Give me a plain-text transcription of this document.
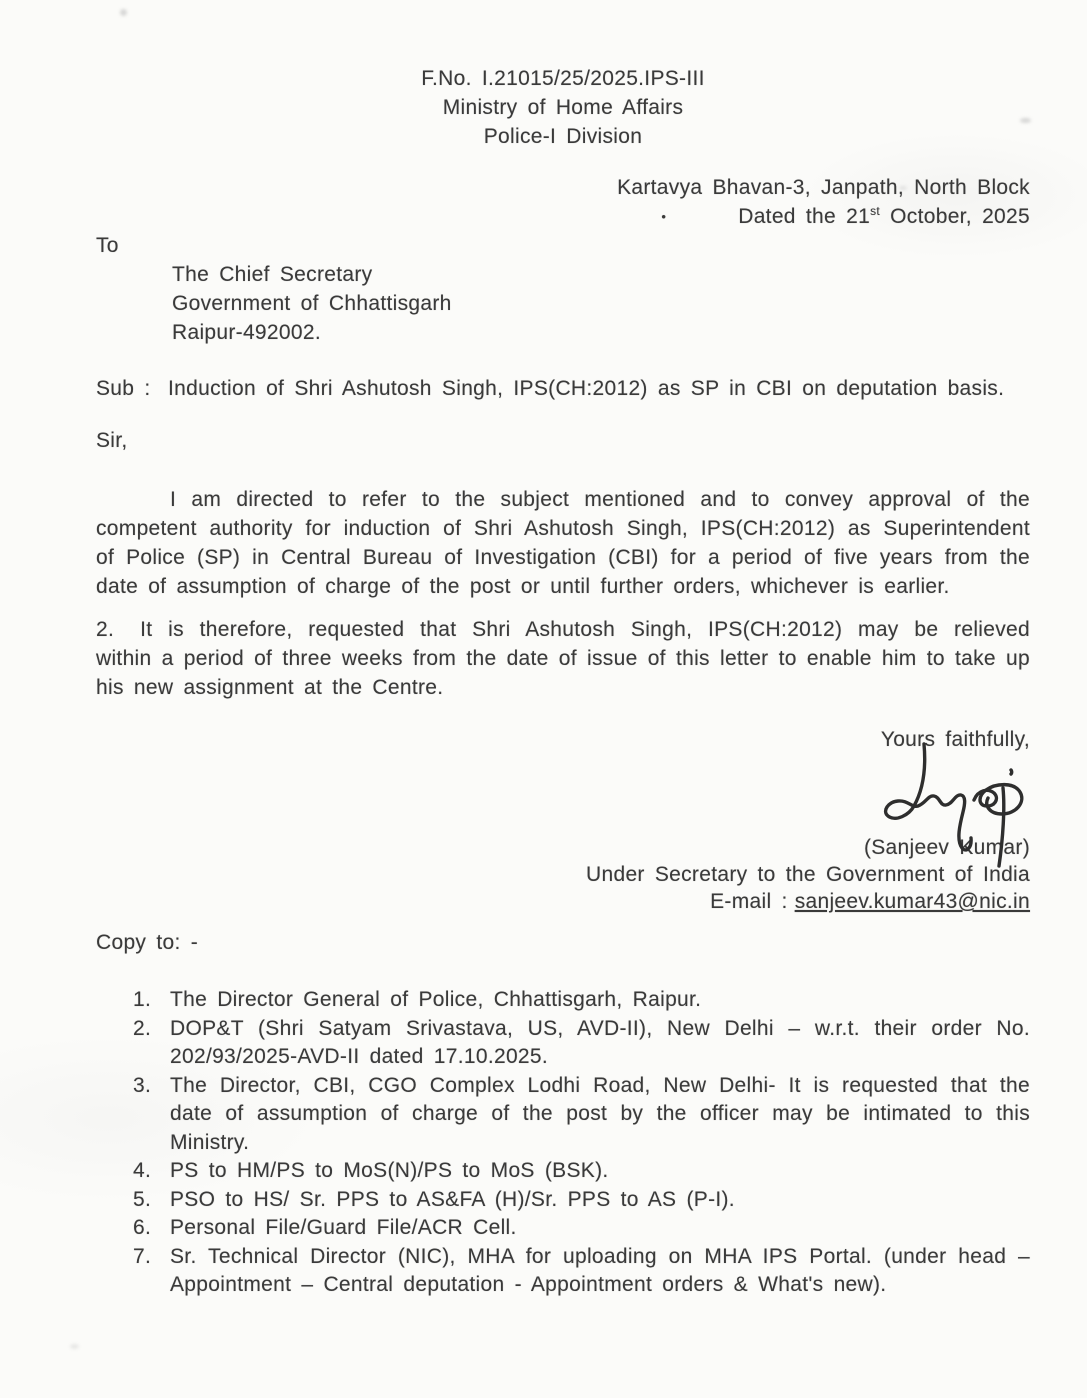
F.No. I.21015/25/2025.IPS-III
Ministry of Home Affairs
Police-I Division
Kartavya Bhavan-3, Janpath, North Block
•	Dated the 21st October, 2025
To
The Chief Secretary
Government of Chhattisgarh
Raipur-492002.
Sub : Induction of Shri Ashutosh Singh, IPS(CH:2012) as SP in CBI on deputation basis.
Sir,

I am directed to refer to the subject mentioned and to convey approval of the competent authority for induction of Shri Ashutosh Singh, IPS(CH:2012) as Superintendent of Police (SP) in Central Bureau of Investigation (CBI) for a period of five years from the date of assumption of charge of the post or until further orders, whichever is earlier.

2. It is therefore, requested that Shri Ashutosh Singh, IPS(CH:2012) may be relieved within a period of three weeks from the date of issue of this letter to enable him to take up his new assignment at the Centre.

Yours faithfully,
(Sanjeev Kumar)
Under Secretary to the Government of India
E-mail : sanjeev.kumar43@nic.in
Copy to: -
1. The Director General of Police, Chhattisgarh, Raipur.
2. DOP&T (Shri Satyam Srivastava, US, AVD-II), New Delhi – w.r.t. their order No. 202/93/2025-AVD-II dated 17.10.2025.
3. The Director, CBI, CGO Complex Lodhi Road, New Delhi- It is requested that the date of assumption of charge of the post by the officer may be intimated to this Ministry.
4. PS to HM/PS to MoS(N)/PS to MoS (BSK).
5. PSO to HS/ Sr. PPS to AS&FA (H)/Sr. PPS to AS (P-I).
6. Personal File/Guard File/ACR Cell.
7. Sr. Technical Director (NIC), MHA for uploading on MHA IPS Portal. (under head – Appointment – Central deputation - Appointment orders & What's new).
